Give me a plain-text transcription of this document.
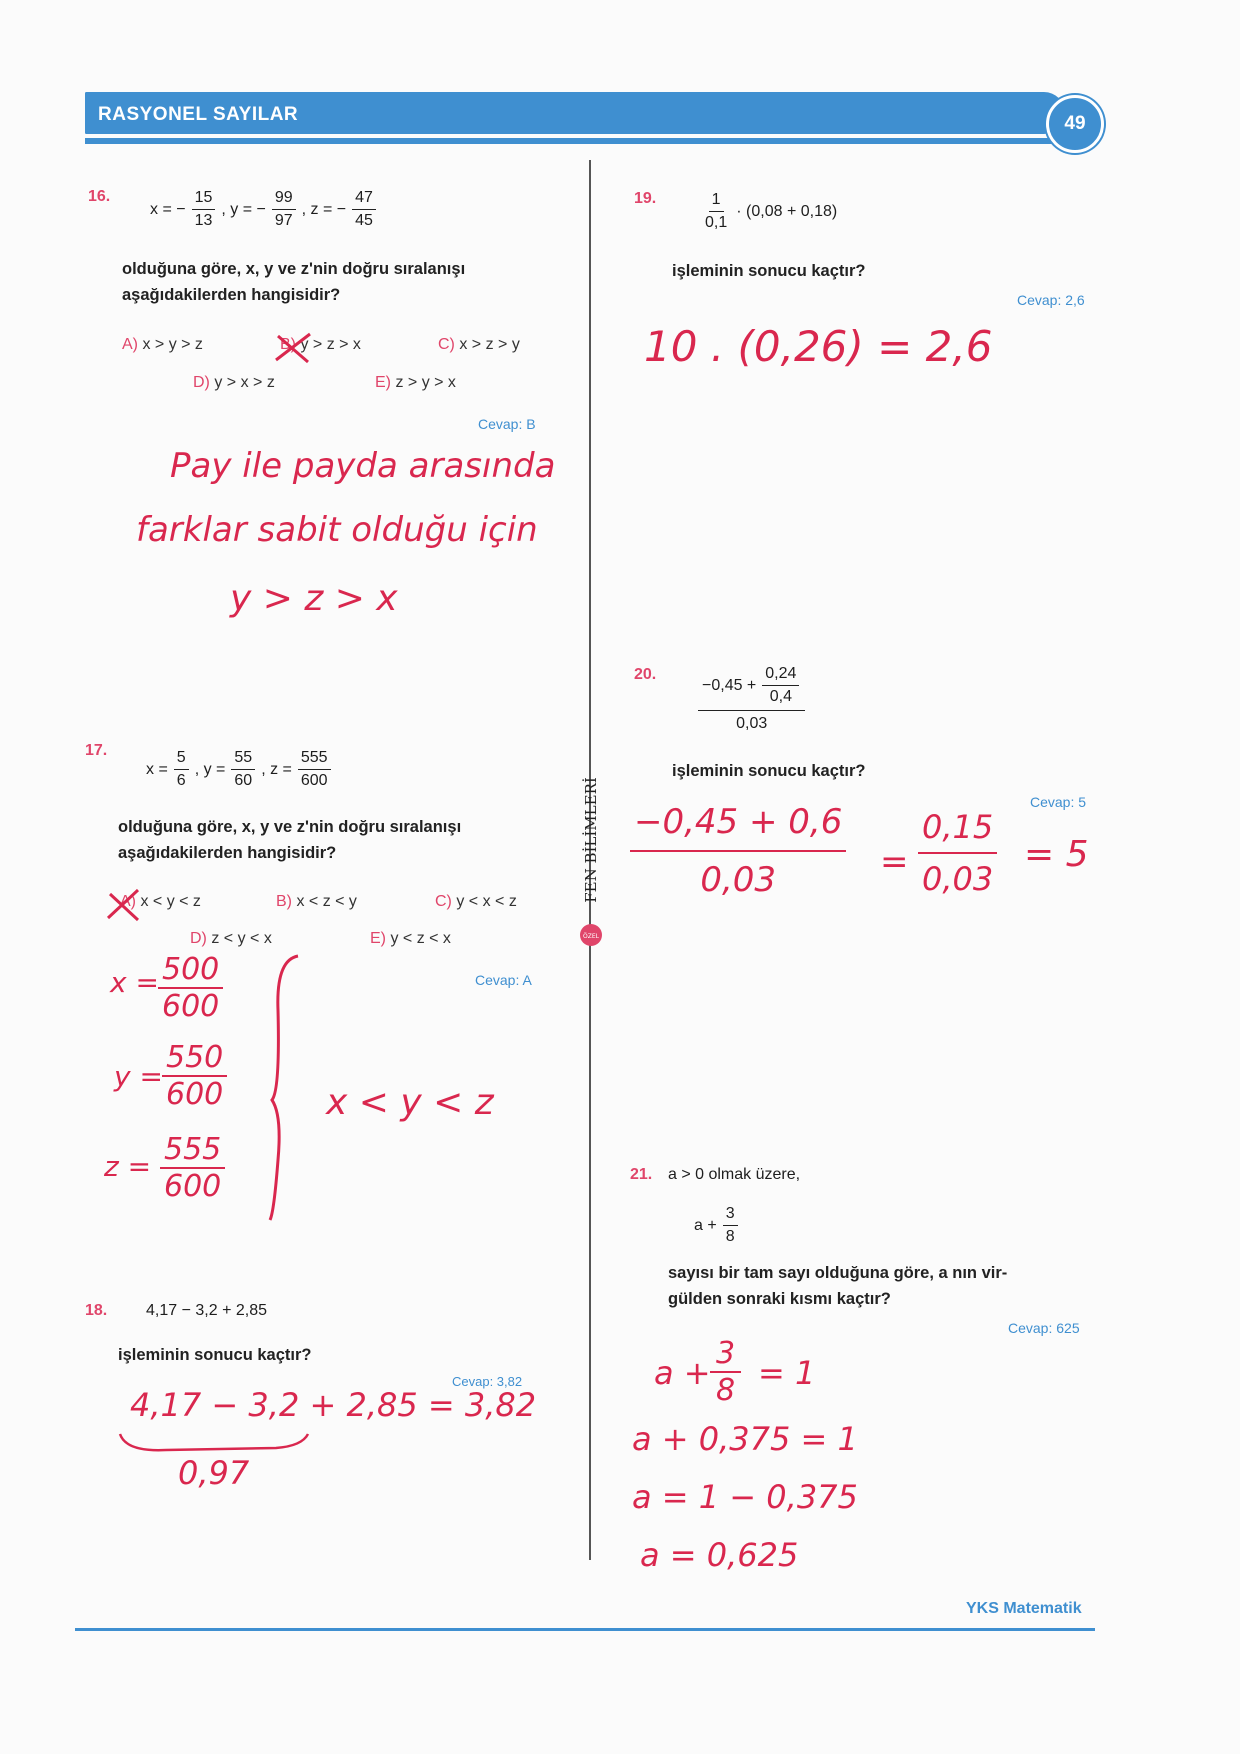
RASYONEL SAYILAR	49
FEN BİLİMLERİ
ÖZEL
16.
x = − $\frac{15}{13}$ , y = − $\frac{99}{97}$ , z = − $\frac{47}{45}$
olduğuna göre, x, y ve z'nin doğru sıralanışı
aşağıdakilerden hangisidir?
A) x > y > z	B) y > z > x	C) x > z > y
D) y > x > z	E) z > y > x
Cevap: B
Pay ile payda arasında
farklar sabit olduğu için
y > z > x
17.
$x = \frac{5}{6}$ , $y = \frac{55}{60}$ , $z = \frac{555}{600}$
olduğuna göre, x, y ve z'nin doğru sıralanışı
aşağıdakilerden hangisidir?
A) x < y < z	B) x < z < y	C) y < x < z
D) z < y < x	E) y < z < x
Cevap: A
x = 500
600
y =
550
600
z = 555
600
x < y < z
18. 4,17 − 3,2 + 2,85
işleminin sonucu kaçtır?
Cevap: 3,82
4,17 − 3,2 + 2,85 = 3,82
0,97
19.	$\frac{1}{0,1} \cdot (0,08 + 0,18)$
işleminin sonucu kaçtır?
Cevap: 2,6
10 . (0,26) = 2,6
20.
$-0,45 + \frac{0,24}{0,4}$
0,03
işleminin sonucu kaçtır?
Cevap: 5
−0,45 + 0,6
0,03	=
0,15
0,03
= 5
21. a > 0 olmak üzere,
$a + \frac{3}{8}$
sayısı bir tam sayı olduğuna göre, a nın vir-
gülden sonraki kısmı kaçtır?
Cevap: 625
a +
3
8 = 1
a + 0,375 = 1
a = 1 − 0,375
a = 0,625
YKS Matematik
